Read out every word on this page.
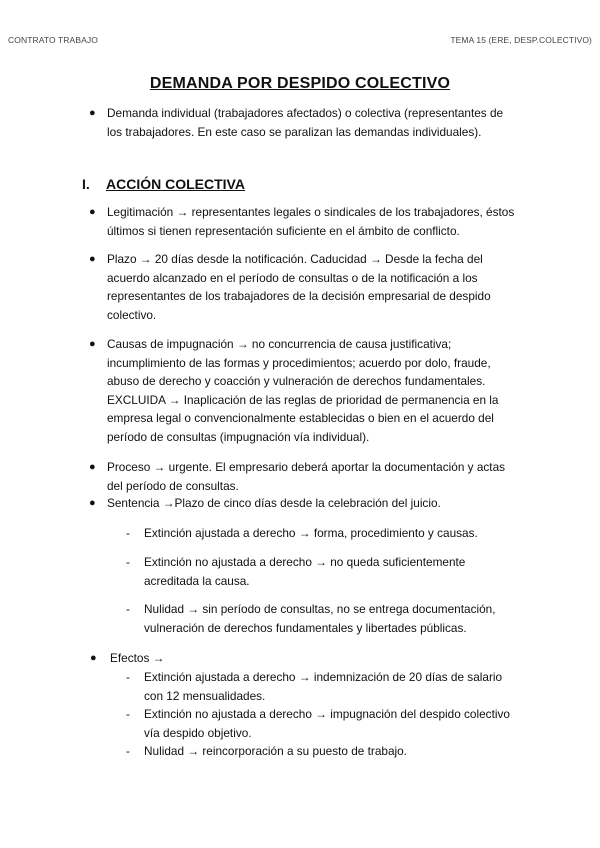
CONTRATO TRABAJO	TEMA 15 (ERE, DESP.COLECTIVO)
DEMANDA POR DESPIDO COLECTIVO
● Demanda individual (trabajadores afectados) o colectiva (representantes de
los trabajadores. En este caso se paralizan las demandas individuales).
I. ACCIÓN COLECTIVA
● Legitimación → representantes legales o sindicales de los trabajadores, éstos
últimos si tienen representación suficiente en el ámbito de conflicto.
● Plazo → 20 días desde la notificación. Caducidad → Desde la fecha del
acuerdo alcanzado en el período de consultas o de la notificación a los
representantes de los trabajadores de la decisión empresarial de despido
colectivo.
● Causas de impugnación → no concurrencia de causa justificativa;
incumplimiento de las formas y procedimientos; acuerdo por dolo, fraude,
abuso de derecho y coacción y vulneración de derechos fundamentales.
EXCLUIDA → Inaplicación de las reglas de prioridad de permanencia en la
empresa legal o convencionalmente establecidas o bien en el acuerdo del
período de consultas (impugnación vía individual).
● Proceso → urgente. El empresario deberá aportar la documentación y actas
del período de consultas.
● Sentencia →Plazo de cinco días desde la celebración del juicio.
- Extinción ajustada a derecho → forma, procedimiento y causas.
- Extinción no ajustada a derecho → no queda suficientemente
acreditada la causa.
- Nulidad → sin período de consultas, no se entrega documentación,
vulneración de derechos fundamentales y libertades públicas.
● Efectos →
- Extinción ajustada a derecho → indemnización de 20 días de salario
con 12 mensualidades.
- Extinción no ajustada a derecho → impugnación del despido colectivo
vía despido objetivo.
- Nulidad → reincorporación a su puesto de trabajo.
